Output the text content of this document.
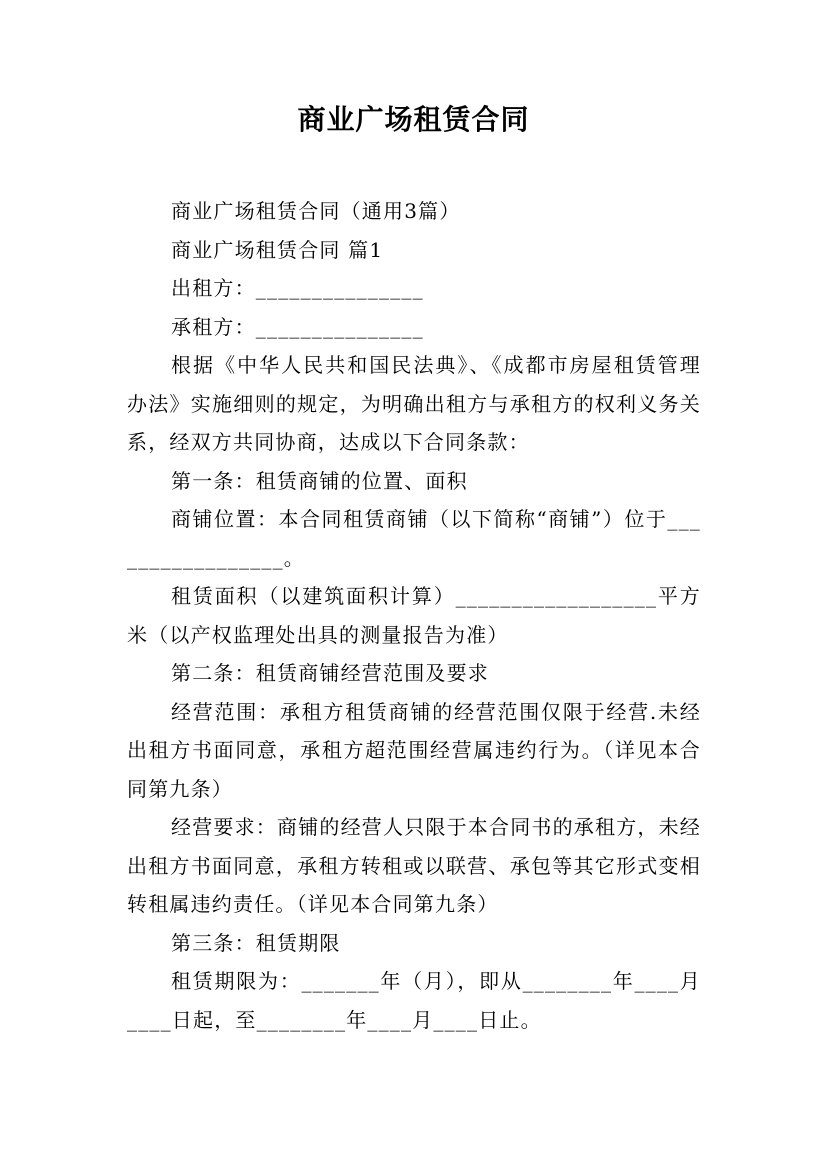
商业广场租赁合同

商业广场租赁合同（通用3篇）

商业广场租赁合同 篇1

出租方：_______________

承租方：_______________

根据《中华人民共和国民法典》、《成都市房屋租赁管理办法》实施细则的规定，为明确出租方与承租方的权利义务关系，经双方共同协商，达成以下合同条款：

第一条：租赁商铺的位置、面积

商铺位置：本合同租赁商铺（以下简称“商铺”）位于_________________。

租赁面积（以建筑面积计算）__________________平方米（以产权监理处出具的测量报告为准）

第二条：租赁商铺经营范围及要求

经营范围：承租方租赁商铺的经营范围仅限于经营.未经出租方书面同意，承租方超范围经营属违约行为。（详见本合同第九条）

经营要求：商铺的经营人只限于本合同书的承租方，未经出租方书面同意，承租方转租或以联营、承包等其它形式变相转租属违约责任。（详见本合同第九条）

第三条：租赁期限

租赁期限为：_______年（月），即从________年____月____日起，至________年____月____日止。
